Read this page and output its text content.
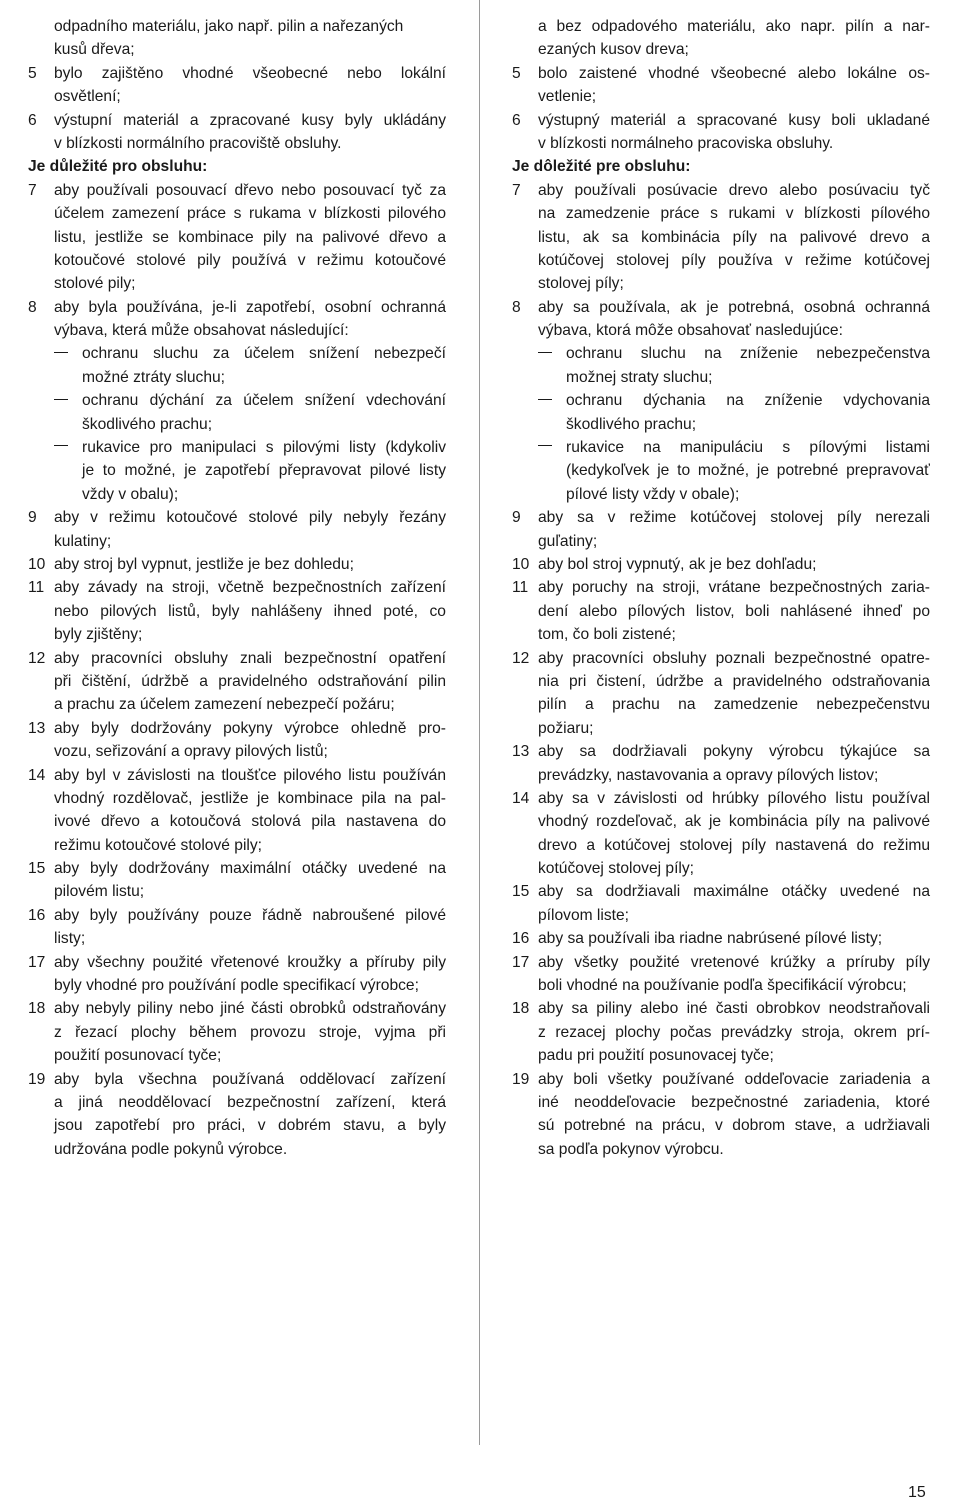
odpadního materiálu, jako např. pilin a nařezaných
kusů dřeva;
5	bylo zajištěno vhodné všeobecné nebo lokální
osvětlení;
6	výstupní materiál a zpracované kusy byly ukládány
v blízkosti normálního pracoviště obsluhy.
Je důležité pro obsluhu:
7	aby používali posouvací dřevo nebo posouvací tyč za
účelem zamezení práce s rukama v blízkosti pilového
listu, jestliže se kombinace pily na palivové dřevo a
kotoučové stolové pily používá v režimu kotoučové
stolové pily;
8	aby byla používána, je-li zapotřebí, osobní ochranná
výbava, která může obsahovat následující:
ochranu sluchu za účelem snížení nebezpečí
možné ztráty sluchu;
ochranu dýchání za účelem snížení vdechování
škodlivého prachu;
rukavice pro manipulaci s pilovými listy (kdykoliv
je to možné, je zapotřebí přepravovat pilové listy
vždy v obalu);
9	aby v režimu kotoučové stolové pily nebyly řezány
kulatiny;
10 aby stroj byl vypnut, jestliže je bez dohledu;
11 aby závady na stroji, včetně bezpečnostních zařízení
nebo pilových listů, byly nahlášeny ihned poté, co
byly zjištěny;
12 aby pracovníci obsluhy znali bezpečnostní opatření
při čištění, údržbě a pravidelného odstraňování pilin
a prachu za účelem zamezení nebezpečí požáru;
13 aby byly dodržovány pokyny výrobce ohledně pro-
vozu, seřizování a opravy pilových listů;
14 aby byl v závislosti na tloušťce pilového listu používán
vhodný rozdělovač, jestliže je kombinace pila na pal-
ivové dřevo a kotoučová stolová pila nastavena do
režimu kotoučové stolové pily;
15 aby byly dodržovány maximální otáčky uvedené na
pilovém listu;
16 aby byly používány pouze řádně nabroušené pilové
listy;
17 aby všechny použité vřetenové kroužky a příruby pily
byly vhodné pro používání podle specifikací výrobce;
18 aby nebyly piliny nebo jiné části obrobků odstraňovány
z řezací plochy během provozu stroje, vyjma při
použití posunovací tyče;
19 aby byla všechna používaná oddělovací zařízení
a jiná neoddělovací bezpečnostní zařízení, která
jsou zapotřebí pro práci, v dobrém stavu, a byly
udržována podle pokynů výrobce.
a bez odpadového materiálu, ako napr. pilín a nar-
ezaných kusov dreva;
5	bolo zaistené vhodné všeobecné alebo lokálne os-
vetlenie;
6	výstupný materiál a spracované kusy boli ukladané
v blízkosti normálneho pracoviska obsluhy.
Je dôležité pre obsluhu:
7	aby používali posúvacie drevo alebo posúvaciu tyč
na zamedzenie práce s rukami v blízkosti pílového
listu, ak sa kombinácia píly na palivové drevo a
kotúčovej stolovej píly používa v režime kotúčovej
stolovej píly;
8	aby sa používala, ak je potrebná, osobná ochranná
výbava, ktorá môže obsahovať nasledujúce:
ochranu sluchu na zníženie nebezpečenstva
možnej straty sluchu;
ochranu dýchania na zníženie vdychovania
škodlivého prachu;
rukavice na manipuláciu s pílovými listami
(kedykoľvek je to možné, je potrebné prepravovať
pílové listy vždy v obale);
9	aby sa v režime kotúčovej stolovej píly nerezali
guľatiny;
10 aby bol stroj vypnutý, ak je bez dohľadu;
11 aby poruchy na stroji, vrátane bezpečnostných zaria-
dení alebo pílových listov, boli nahlásené ihneď po
tom, čo boli zistené;
12 aby pracovníci obsluhy poznali bezpečnostné opatre-
nia pri čistení, údržbe a pravidelného odstraňovania
pilín a prachu na zamedzenie nebezpečenstvu
požiaru;
13 aby sa dodržiavali pokyny výrobcu týkajúce sa
prevádzky, nastavovania a opravy pílových listov;
14 aby sa v závislosti od hrúbky pílového listu používal
vhodný rozdeľovač, ak je kombinácia píly na palivové
drevo a kotúčovej stolovej píly nastavená do režimu
kotúčovej stolovej píly;
15 aby sa dodržiavali maximálne otáčky uvedené na
pílovom liste;
16 aby sa používali iba riadne nabrúsené pílové listy;
17 aby všetky použité vretenové krúžky a príruby píly
boli vhodné na používanie podľa špecifikácií výrobcu;
18 aby sa piliny alebo iné časti obrobkov neodstraňovali
z rezacej plochy počas prevádzky stroja, okrem prí-
padu pri použití posunovacej tyče;
19 aby boli všetky používané oddeľovacie zariadenia a
iné neoddeľovacie bezpečnostné zariadenia, ktoré
sú potrebné na prácu, v dobrom stave, a udržiavali
sa podľa pokynov výrobcu.
15
